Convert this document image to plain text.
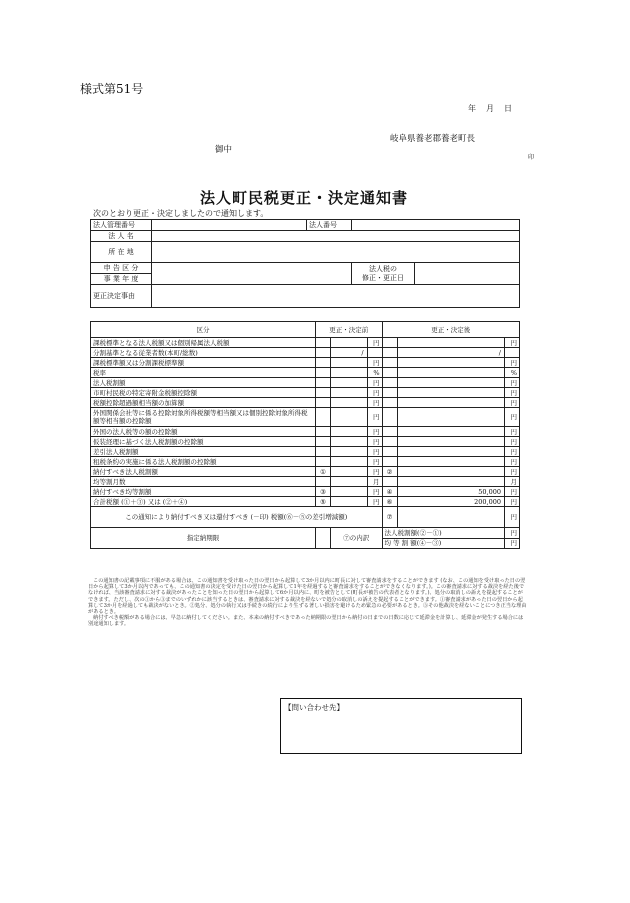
様式第51号
年　月　日
岐阜県養老郡養老町長
印
御中
法人町民税更正・決定通知書
次のとおり更正・決定しましたので通知します。
法人管理番号		法人番号		
法 人 名				
所 在 地				
申 告 区 分			法人税の
修正・更正日	
事 業 年 度				
更正決定事由				
区分	更正・決定前			更正・決定後		
課税標準となる法人税額又は個別帰属法人税額			円			円
分割基準となる従業者数(本町/総数)		/			/	
課税標準額又は分割課税標準額			円			円
税率			%			%
法人税割額			円			円
市町村民税の特定寄附金税額控除額			円			円
税額控除超過額相当額の加算額			円			円
外国関係会社等に係る控除対象所得税額等相当額又は個別控除対象所得税額等相当額の控除額			円			円
外国の法人税等の額の控除額			円			円
仮装経理に基づく法人税割額の控除額			円			円
差引法人税割額			円			円
租税条約の実施に係る法人税割額の控除額			円			円
納付すべき法人税割額	①		円	②		円
均等割月数			月			月
納付すべき均等割額	③		円	④	50,000	円
合計税額 (①＋③) 又は (②＋④)	⑤		円	⑥	200,000	円
この通知により納付すべき又は還付すべき (－印) 税額(⑥－⑤の差引増減額)				⑦		円
指定納期限		⑦の内訳		法人税割額(②－①)		円
				均 等 割 額(④－③)		円
この通知書の記載事項に不服がある場合は、この通知書を受け取った日の翌日から起算して3か月以内に町長に対して審査請求をすることができます (なお、この通知を受け取った日の翌日から起算して3か月以内であっても、この通知書の決定を受けた日の翌日から起算して1年を経過すると審査請求をすることができなくなります。)。この審査請求に対する裁決を経た後でなければ、当該審査請求に対する裁決があったことを知った日の翌日から起算して6か月以内に、町を被告として(町長が被告の代表者となります。)、処分の取消しの訴えを提起することができます。ただし、次の①から③までのいずれかに該当するときは、審査請求に対する裁決を経ないで処分の取消しの訴えを提起することができます。①審査請求があった日の翌日から起算して3か月を経過しても裁決がないとき。②処分、処分の執行又は手続きの続行により生ずる著しい損害を避けるため緊急の必要があるとき。③その他裁決を経ないことにつき正当な理由があるとき。
納付すべき税額がある場合には、早急に納付してください。また、本来の納付すべきであった納期限の翌日から納付の日までの日数に応じて延滞金を計算し、延滞金が発生する場合には別途通知します。
【問い合わせ先】
